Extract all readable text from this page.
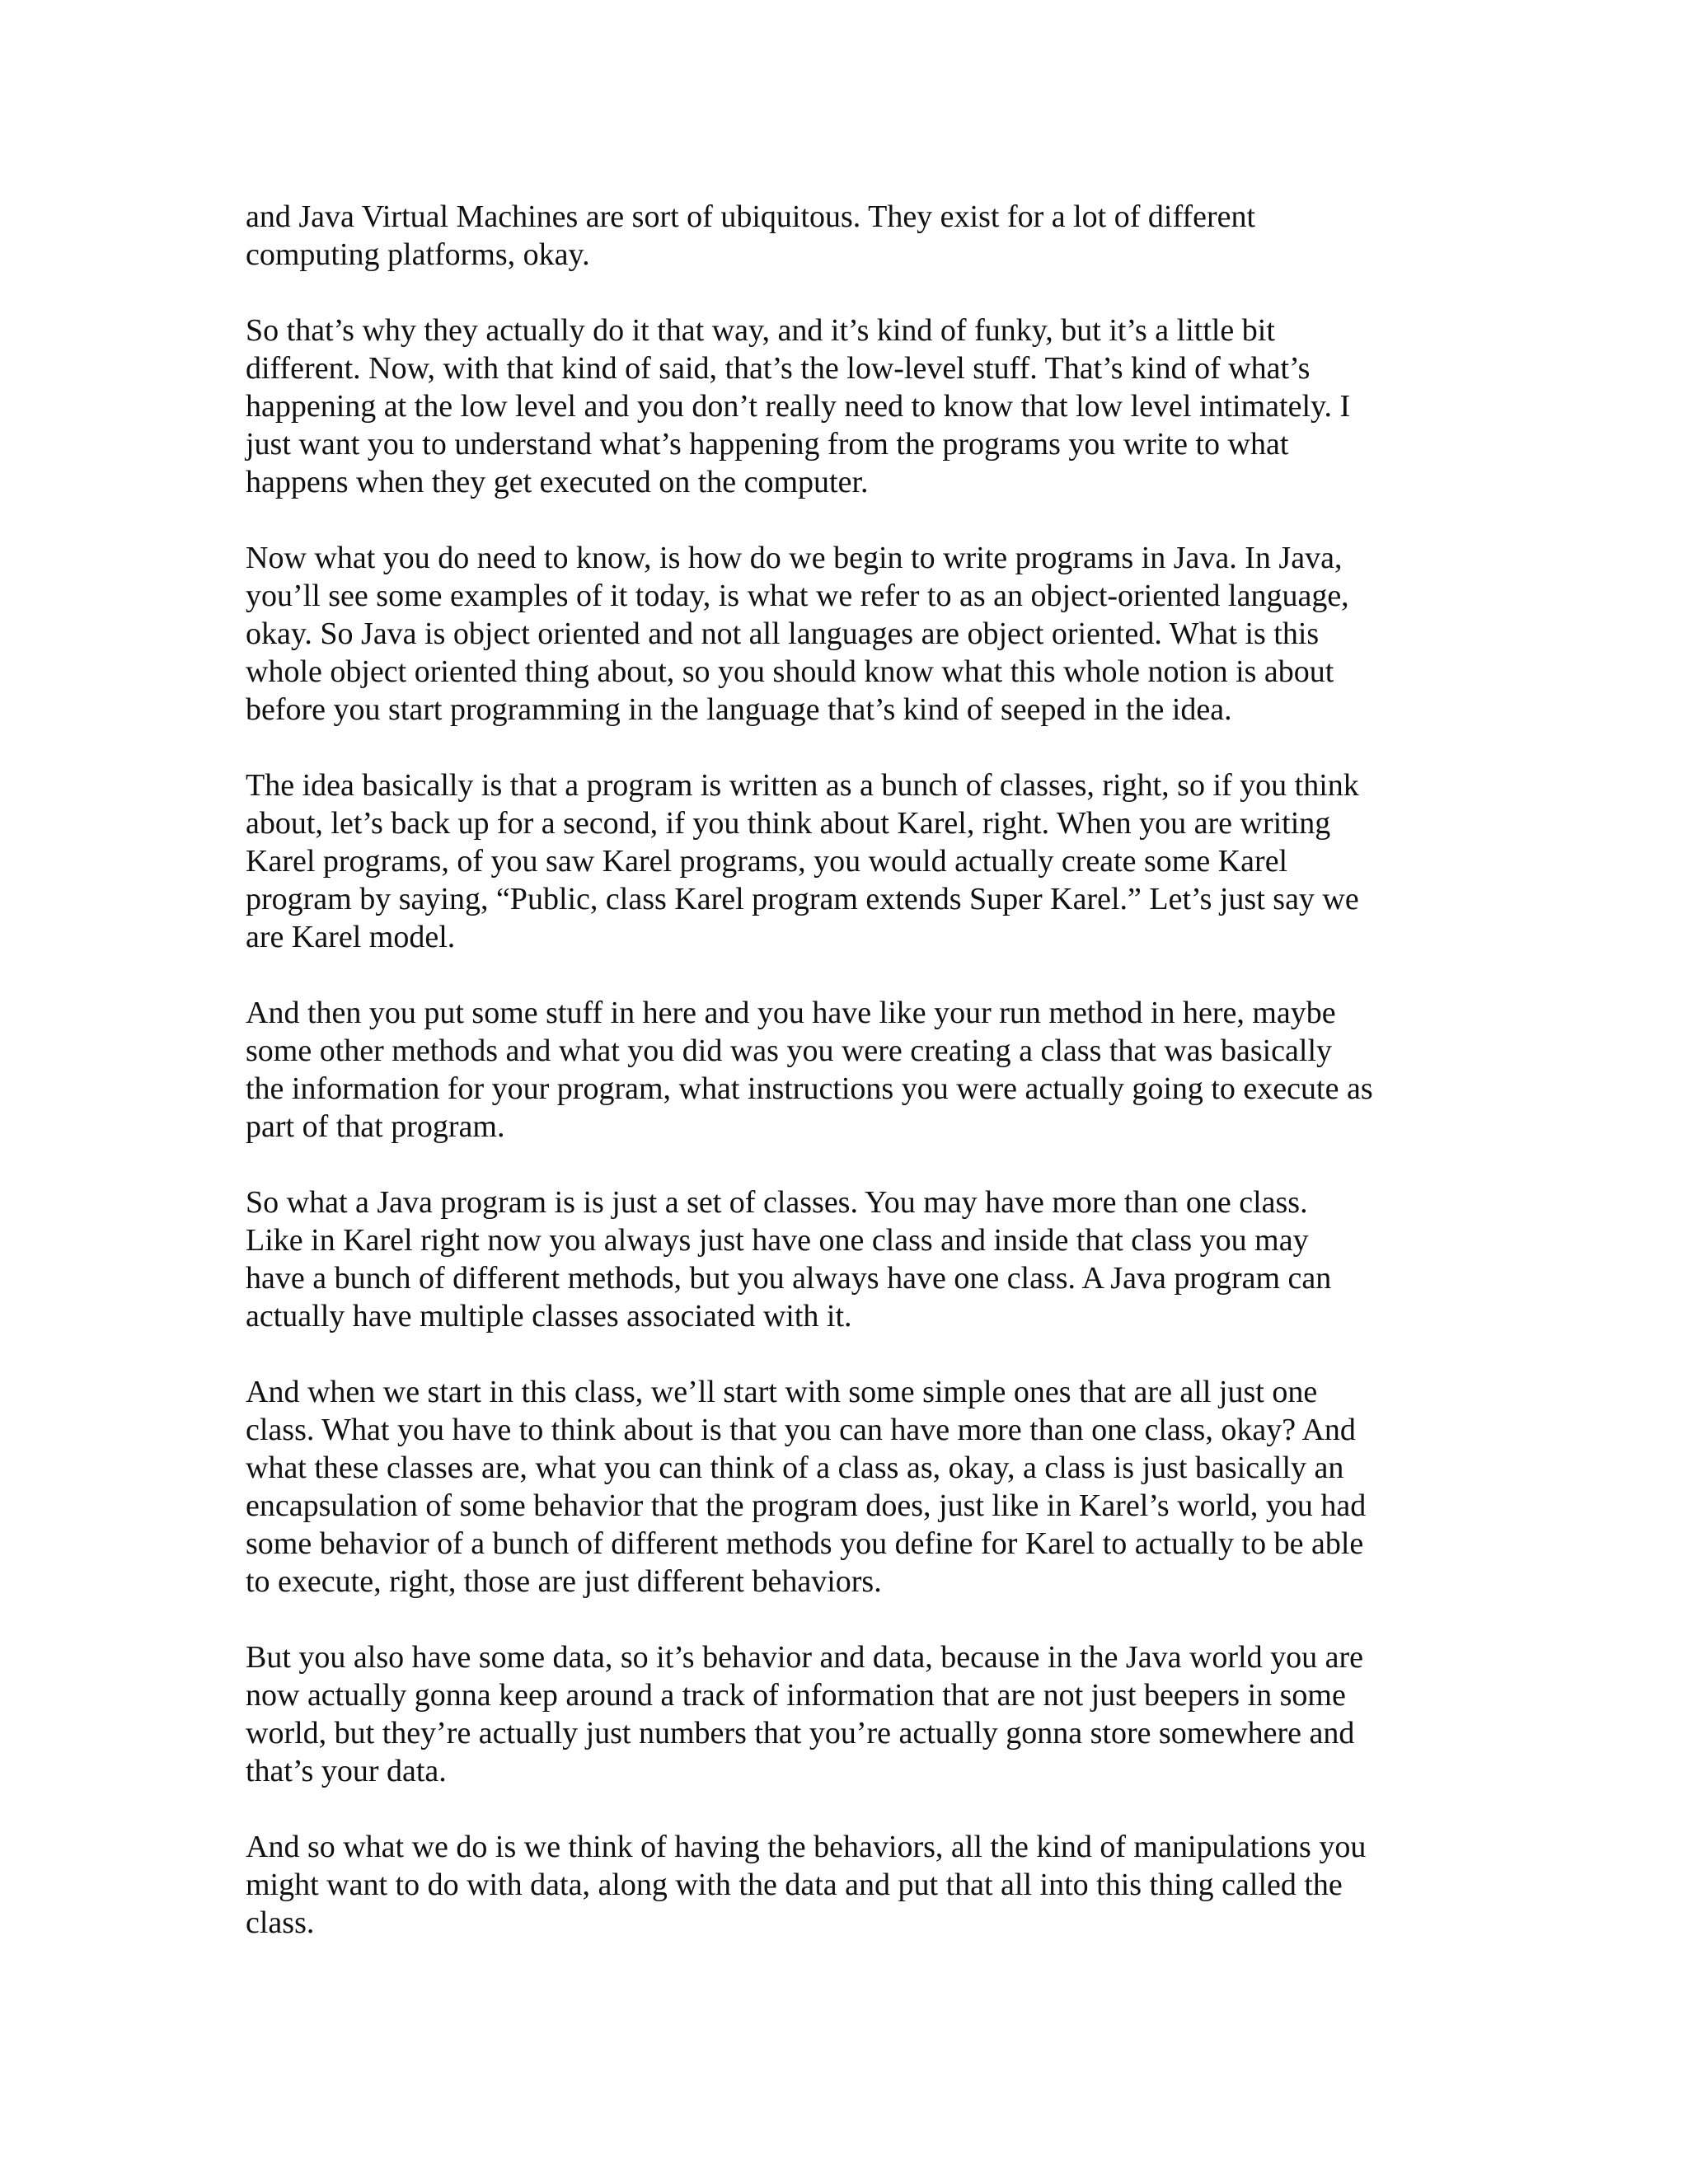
and Java Virtual Machines are sort of ubiquitous. They exist for a lot of different
computing platforms, okay.

So that’s why they actually do it that way, and it’s kind of funky, but it’s a little bit
different. Now, with that kind of said, that’s the low-level stuff. That’s kind of what’s
happening at the low level and you don’t really need to know that low level intimately. I
just want you to understand what’s happening from the programs you write to what
happens when they get executed on the computer.

Now what you do need to know, is how do we begin to write programs in Java. In Java,
you’ll see some examples of it today, is what we refer to as an object-oriented language,
okay. So Java is object oriented and not all languages are object oriented. What is this
whole object oriented thing about, so you should know what this whole notion is about
before you start programming in the language that’s kind of seeped in the idea.

The idea basically is that a program is written as a bunch of classes, right, so if you think
about, let’s back up for a second, if you think about Karel, right. When you are writing
Karel programs, of you saw Karel programs, you would actually create some Karel
program by saying, “Public, class Karel program extends Super Karel.” Let’s just say we
are Karel model.

And then you put some stuff in here and you have like your run method in here, maybe
some other methods and what you did was you were creating a class that was basically
the information for your program, what instructions you were actually going to execute as
part of that program.

So what a Java program is is just a set of classes. You may have more than one class.
Like in Karel right now you always just have one class and inside that class you may
have a bunch of different methods, but you always have one class. A Java program can
actually have multiple classes associated with it.

And when we start in this class, we’ll start with some simple ones that are all just one
class. What you have to think about is that you can have more than one class, okay? And
what these classes are, what you can think of a class as, okay, a class is just basically an
encapsulation of some behavior that the program does, just like in Karel’s world, you had
some behavior of a bunch of different methods you define for Karel to actually to be able
to execute, right, those are just different behaviors.

But you also have some data, so it’s behavior and data, because in the Java world you are
now actually gonna keep around a track of information that are not just beepers in some
world, but they’re actually just numbers that you’re actually gonna store somewhere and
that’s your data.

And so what we do is we think of having the behaviors, all the kind of manipulations you
might want to do with data, along with the data and put that all into this thing called the
class.
